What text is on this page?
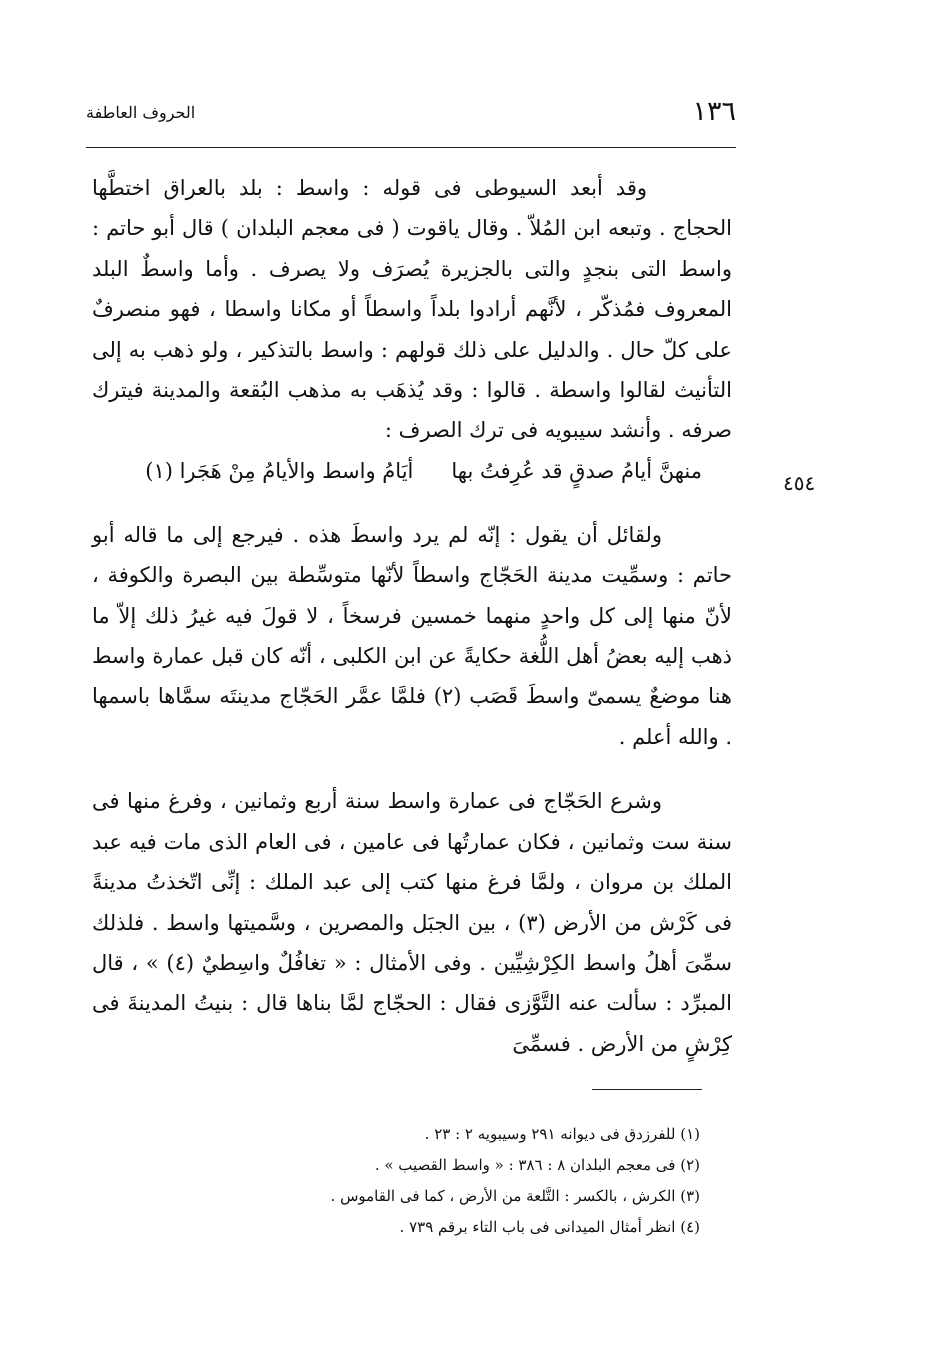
١٣٦
الحروف العاطفة
٤٥٤

وقد أبعد السيوطى فى قوله : واسط : بلد بالعراق اختطَّها الحجاج . وتبعه ابن المُلاّ . وقال ياقوت ( فى معجم البلدان ) قال أبو حاتم : واسط التى بنجدٍ والتى بالجزيرة يُصرَف ولا يصرف . وأما واسطٌ البلد المعروف فمُذكّر ، لأنَّهم أرادوا بلداً واسطاً أو مكانا واسطا ، فهو منصرفٌ على كلّ حال . والدليل على ذلك قولهم : واسط بالتذكير ، ولو ذهب به إلى التأنيث لقالوا واسطة . قالوا : وقد يُذهَب به مذهب البُقعة والمدينة فيترك صرفه . وأنشد سيبويه فى ترك الصرف :

منهنَّ أيامُ صدقٍ قد عُرِفتُ بهاأيَامُ واسط والأيامُ مِنْ هَجَرا (١)

ولقائل أن يقول : إنّه لم يرد واسطَ هذه . فيرجع إلى ما قاله أبو حاتم : وسمِّيت مدينة الحَجّاج واسطاً لأنّها متوسِّطة بين البصرة والكوفة ، لأنّ منها إلى كل واحدٍ منهما خمسين فرسخاً ، لا قولَ فيه غيرُ ذلك إلاّ ما ذهب إليه بعضُ أهل اللُّغة حكايةً عن ابن الكلبى ، أنّه كان قبل عمارة واسط هنا موضعٌ يسمىّ واسطَ قَصَب (٢) فلمَّا عمَّر الحَجّاج مدينتَه سمَّاها باسمها . والله أعلم .

وشرع الحَجّاج فى عمارة واسط سنة أربع وثمانين ، وفرغ منها فى سنة ست وثمانين ، فكان عمارتُها فى عامين ، فى العام الذى مات فيه عبد الملك بن مروان ، ولمَّا فرغ منها كتب إلى عبد الملك : إنِّى اتّخذتُ مدينةً فى كَرْش من الأرض (٣) ، بين الجبَل والمصرين ، وسَّميتها واسط . فلذلك سمِّىَ أهلُ واسط الكِرْشِيِّين . وفى الأمثال : « تغافُلٌ واسِطيٌ (٤) » ، قال المبرِّد : سألت عنه التَّوَّزى فقال : الحجّاج لمَّا بناها قال : بنيتُ المدينةَ فى كِرْشٍ من الأرض . فسمِّىَ

(١) للفرزدق فى ديوانه ٢٩١ وسيبويه ٢ : ٢٣ .

(٢) فى معجم البلدان ٨ : ٣٨٦ : « واسط القصيب » .

(٣) الكرش ، بالكسر : التَّلعة من الأرض ، كما فى القاموس .

(٤) انظر أمثال الميدانى فى باب التاء برقم ٧٣٩ .
